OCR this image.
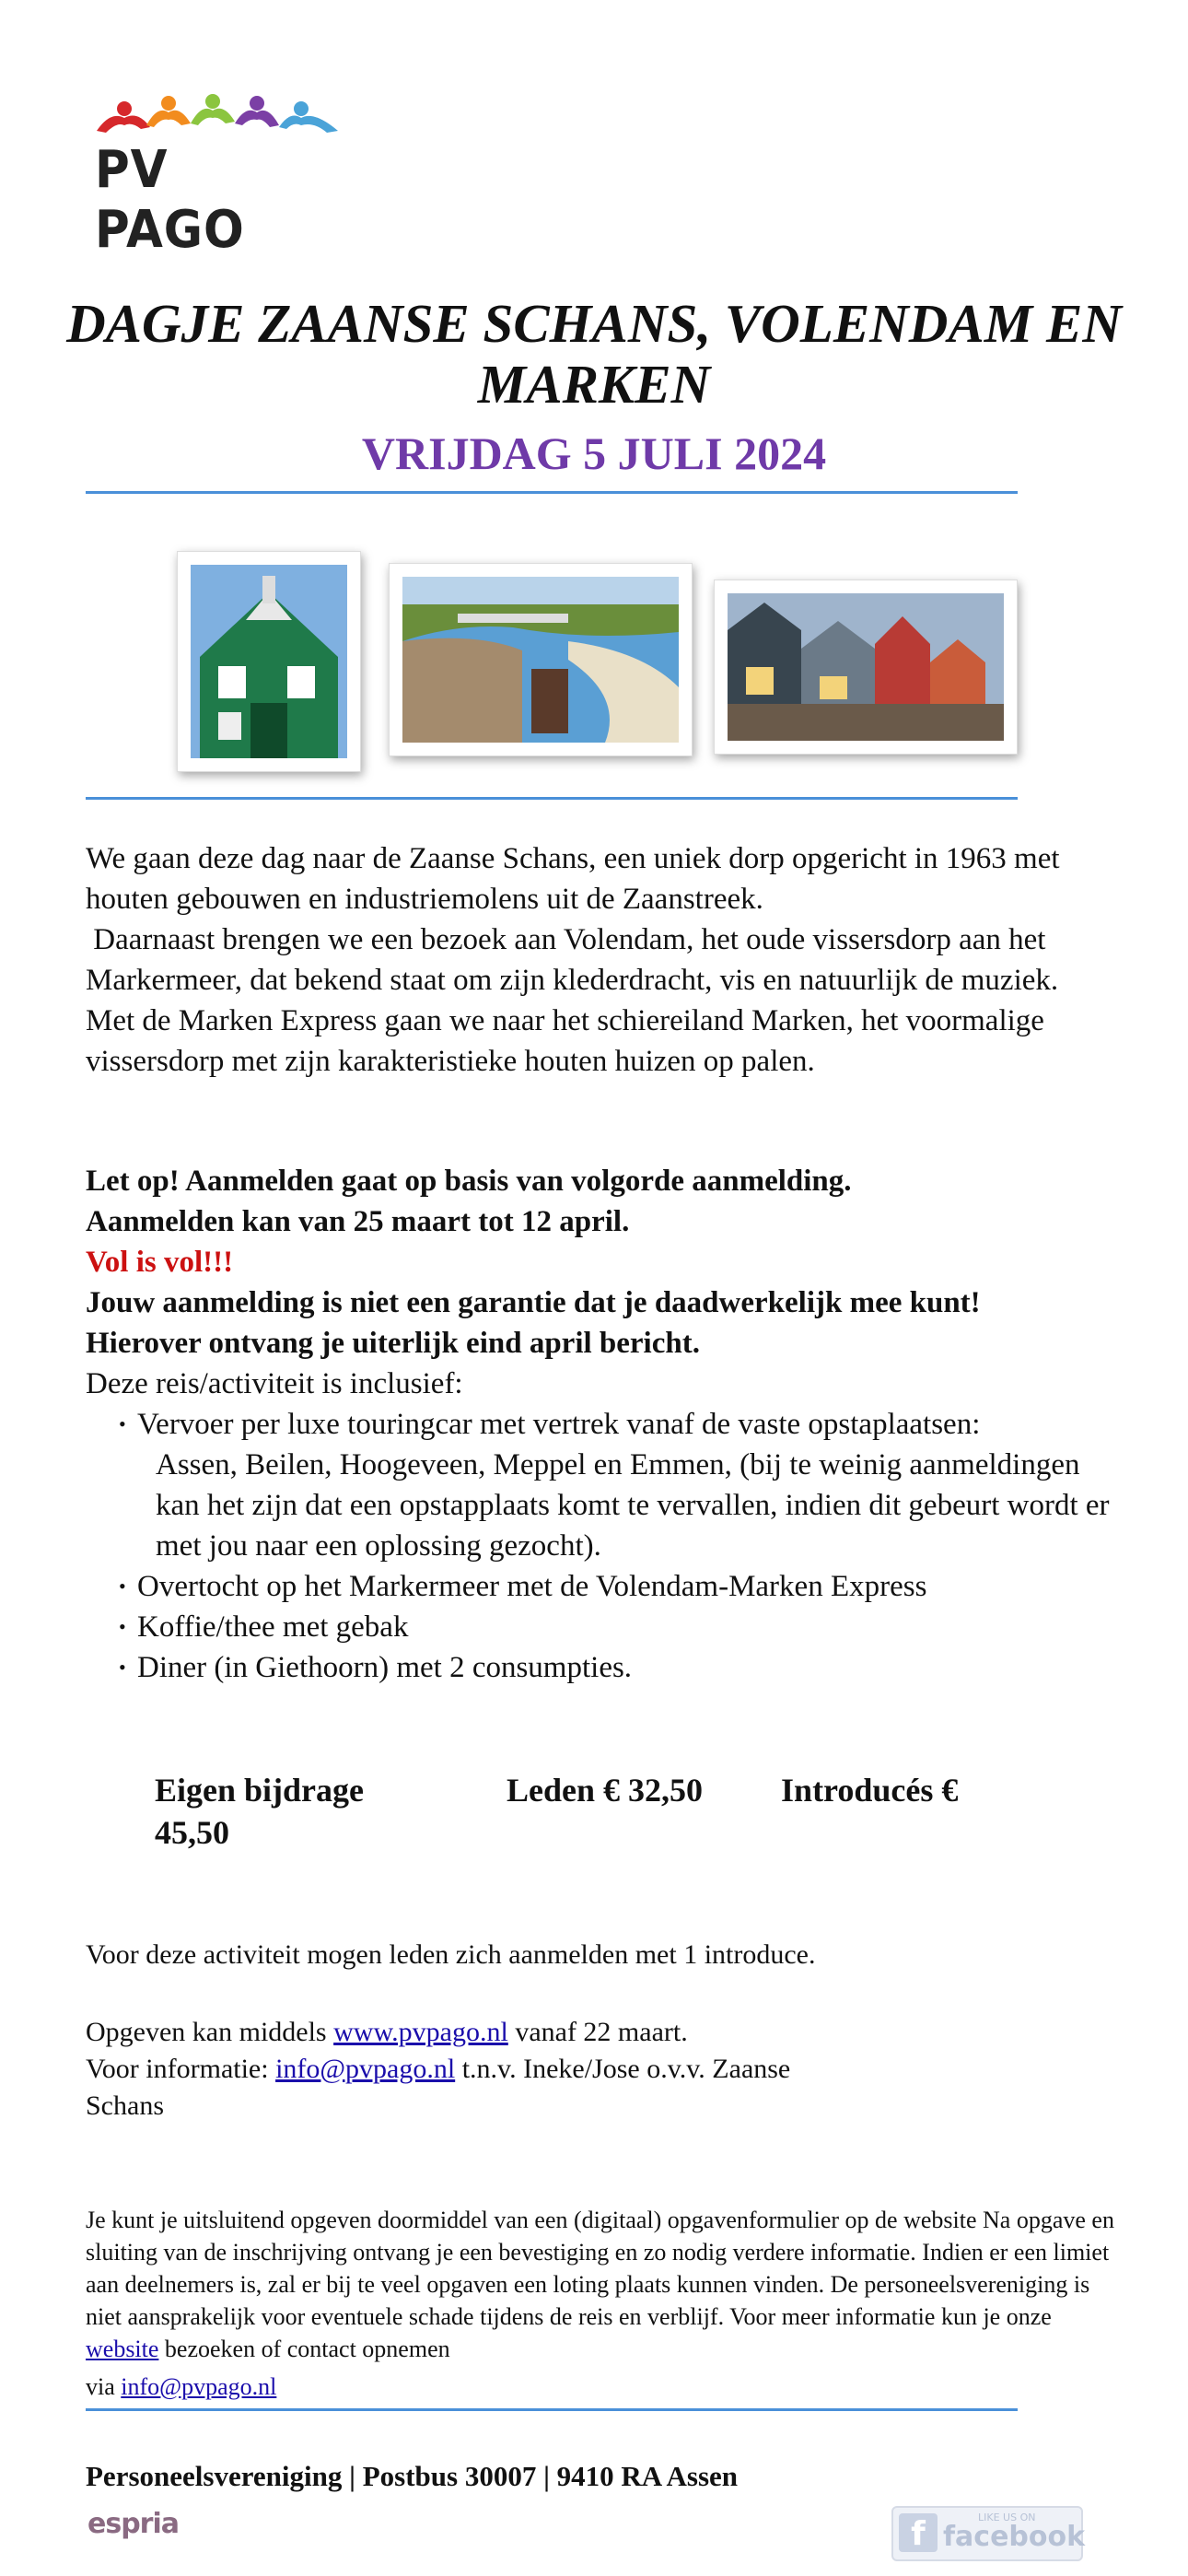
PV PAGO
DAGJE ZAANSE SCHANS, VOLENDAM EN MARKEN
VRIJDAG 5 JULI 2024

We gaan deze dag naar de Zaanse Schans, een uniek dorp opgericht in 1963 met houten gebouwen en industriemolens uit de Zaanstreek.

Daarnaast brengen we een bezoek aan Volendam, het oude vissersdorp aan het Markermeer, dat bekend staat om zijn klederdracht, vis en natuurlijk de muziek.

Met de Marken Express gaan we naar het schiereiland Marken, het voormalige vissersdorp met zijn karakteristieke houten huizen op palen.

Let op! Aanmelden gaat op basis van volgorde aanmelding.

Aanmelden kan van 25 maart tot 12 april.

Vol is vol!!!

Jouw aanmelding is niet een garantie dat je daadwerkelijk mee kunt!

Hierover ontvang je uiterlijk eind april bericht.

Deze reis/activiteit is inclusief:

• Vervoer per luxe touringcar met vertrek vanaf de vaste opstaplaatsen:
Assen, Beilen, Hoogeveen, Meppel en Emmen, (bij te weinig aanmeldingen kan het zijn dat een opstapplaats komt te vervallen, indien dit gebeurt wordt er met jou naar een oplossing gezocht).
• Overtocht op het Markermeer met de Volendam-Marken Express
• Koffie/thee met gebak
• Diner (in Giethoorn) met 2 consumpties.
Eigen bijdrage	Leden € 32,50 Introducés €
45,50
Voor deze activiteit mogen leden zich aanmelden met 1 introduce.
Opgeven kan middels www.pvpago.nl vanaf 22 maart.
Voor informatie: info@pvpago.nl t.n.v. Ineke/Jose o.v.v. Zaanse
Schans
Je kunt je uitsluitend opgeven doormiddel van een (digitaal) opgavenformulier op de website Na opgave en sluiting van de inschrijving ontvang je een bevestiging en zo nodig verdere informatie. Indien er een limiet aan deelnemers is, zal er bij te veel opgaven een loting plaats kunnen vinden. De personeelsvereniging is niet aansprakelijk voor eventuele schade tijdens de reis en verblijf. Voor meer informatie kun je onze website bezoeken of contact opnemen
via info@pvpago.nl
Personeelsvereniging | Postbus 30007 | 9410 RA Assen
espria	f	LIKE US ON
facebook
